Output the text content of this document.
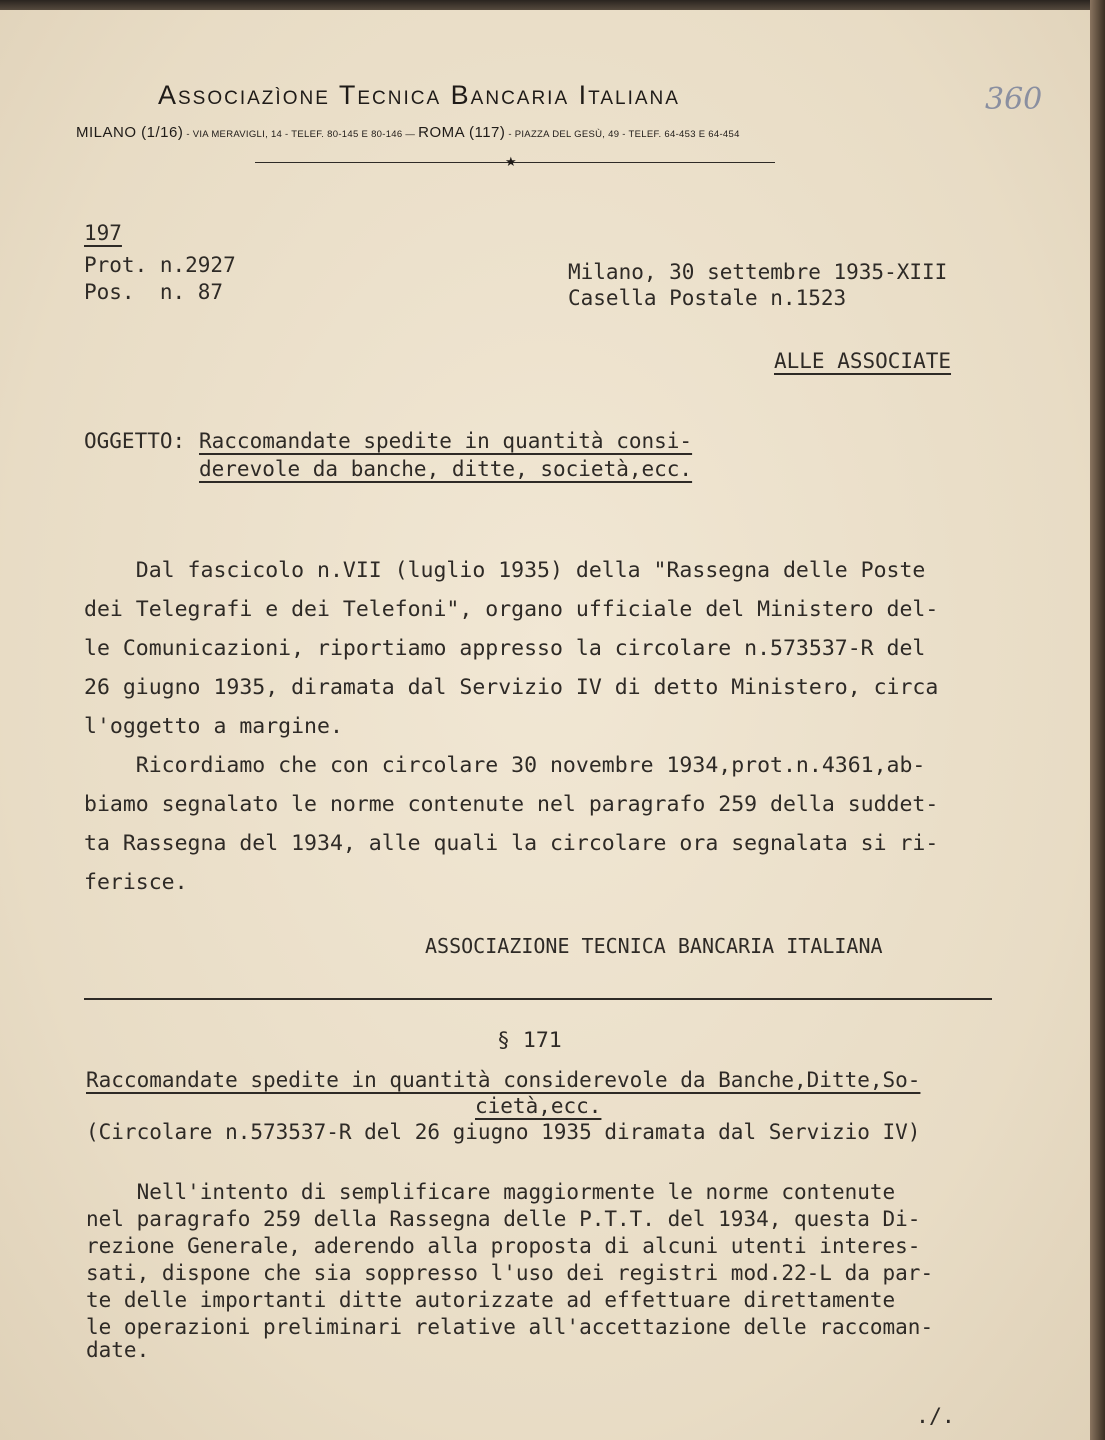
Associazìone Tecnica Bancaria Italiana
MILANO (1/16) - VIA MERAVIGLI, 14 - TELEF. 80-145 E 80-146 — ROMA (117) - PIAZZA DEL GESÙ, 49 - TELEF. 64-453 E 64-454
★
360
197
Prot. n.2927
Pos.  n. 87
Milano, 30 settembre 1935-XIII
Casella Postale n.1523
ALLE ASSOCIATE
OGGETTO: Raccomandate spedite in quantità consi-
derevole da banche, ditte, società,ecc.
Dal fascicolo n.VII (luglio 1935) della "Rassegna delle Poste
dei Telegrafi e dei Telefoni", organo ufficiale del Ministero del-
le Comunicazioni, riportiamo appresso la circolare n.573537-R del
26 giugno 1935, diramata dal Servizio IV di detto Ministero, circa
l'oggetto a margine.
Ricordiamo che con circolare 30 novembre 1934,prot.n.4361,ab-
biamo segnalato le norme contenute nel paragrafo 259 della suddet-
ta Rassegna del 1934, alle quali la circolare ora segnalata si ri-
ferisce.
ASSOCIAZIONE TECNICA BANCARIA ITALIANA
§ 171
Raccomandate spedite in quantità considerevole da Banche,Ditte,So-
cietà,ecc.
(Circolare n.573537-R del 26 giugno 1935 diramata dal Servizio IV)
Nell'intento di semplificare maggiormente le norme contenute
nel paragrafo 259 della Rassegna delle P.T.T. del 1934, questa Di-
rezione Generale, aderendo alla proposta di alcuni utenti interes-
sati, dispone che sia soppresso l'uso dei registri mod.22-L da par-
te delle importanti ditte autorizzate ad effettuare direttamente
le operazioni preliminari relative all'accettazione delle raccoman-
date.
./.
